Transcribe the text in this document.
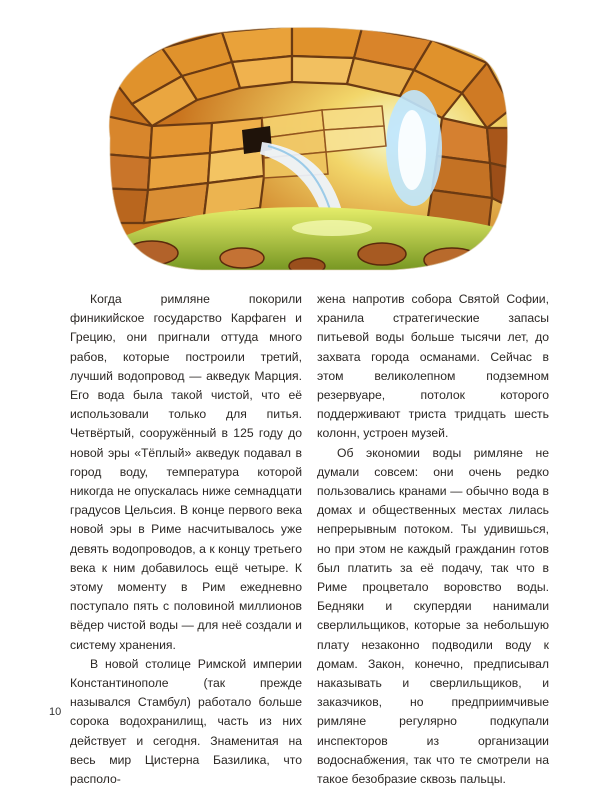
Когда римляне покорили финикийское государство Карфаген и Грецию, они пригнали оттуда много рабов, которые построили третий, лучший водопровод — акведук Марция. Его вода была такой чистой, что её использовали только для питья. Четвёртый, сооружённый в 125 году до новой эры «Тёплый» акведук подавал в город воду, температура которой никогда не опускалась ниже семнадцати градусов Цельсия. В конце первого века новой эры в Риме насчитывалось уже девять водопроводов, а к концу третьего века к ним добавилось ещё четыре. К этому моменту в Рим ежедневно поступало пять с половиной миллионов вёдер чистой воды — для неё создали и систему хранения.

В новой столице Римской империи Константинополе (так прежде назывался Стамбул) работало больше сорока водохранилищ, часть из них действует и сегодня. Знаменитая на весь мир Цистерна Базилика, что располо-

жена напротив собора Святой Софии, хранила стратегические запасы питьевой воды больше тысячи лет, до захвата города османами. Сейчас в этом великолепном подземном резервуаре, потолок которого поддерживают триста тридцать шесть колонн, устроен музей.

Об экономии воды римляне не думали совсем: они очень редко пользовались кранами — обычно вода в домах и общественных местах лилась непрерывным потоком. Ты удивишься, но при этом не каждый гражданин готов был платить за её подачу, так что в Риме процветало воровство воды. Бедняки и скупердяи нанимали сверлильщиков, которые за небольшую плату незаконно подводили воду к домам. Закон, конечно, предписывал наказывать и сверлильщиков, и заказчиков, но предприимчивые римляне регулярно подкупали инспекторов из организации водоснабжения, так что те смотрели на такое безобразие сквозь пальцы.

10
